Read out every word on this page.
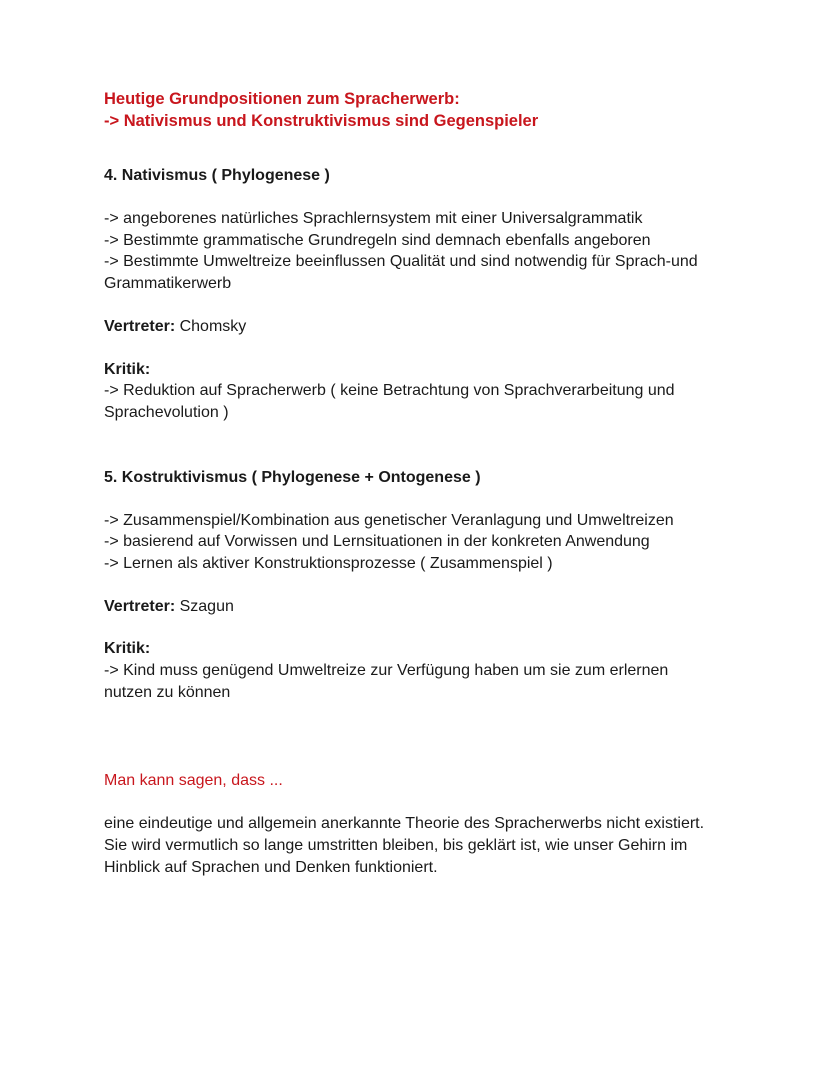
Heutige Grundpositionen zum Spracherwerb:

-> Nativismus und Konstruktivismus sind Gegenspieler

4. Nativismus ( Phylogenese )

-> angeborenes natürliches Sprachlernsystem mit einer Universalgrammatik

-> Bestimmte grammatische Grundregeln sind demnach ebenfalls angeboren

-> Bestimmte Umweltreize beeinflussen Qualität und sind notwendig für Sprach-und

Grammatikerwerb

Vertreter: Chomsky

Kritik:

-> Reduktion auf Spracherwerb ( keine Betrachtung von Sprachverarbeitung und

Sprachevolution )

5. Kostruktivismus ( Phylogenese + Ontogenese )

-> Zusammenspiel/Kombination aus genetischer Veranlagung und Umweltreizen

-> basierend auf Vorwissen und Lernsituationen in der konkreten Anwendung

-> Lernen als aktiver Konstruktionsprozesse ( Zusammenspiel )

Vertreter: Szagun

Kritik:

-> Kind muss genügend Umweltreize zur Verfügung haben um sie zum erlernen

nutzen zu können

Man kann sagen, dass ...

eine eindeutige und allgemein anerkannte Theorie des Spracherwerbs nicht existiert.

Sie wird vermutlich so lange umstritten bleiben, bis geklärt ist, wie unser Gehirn im

Hinblick auf Sprachen und Denken funktioniert.
